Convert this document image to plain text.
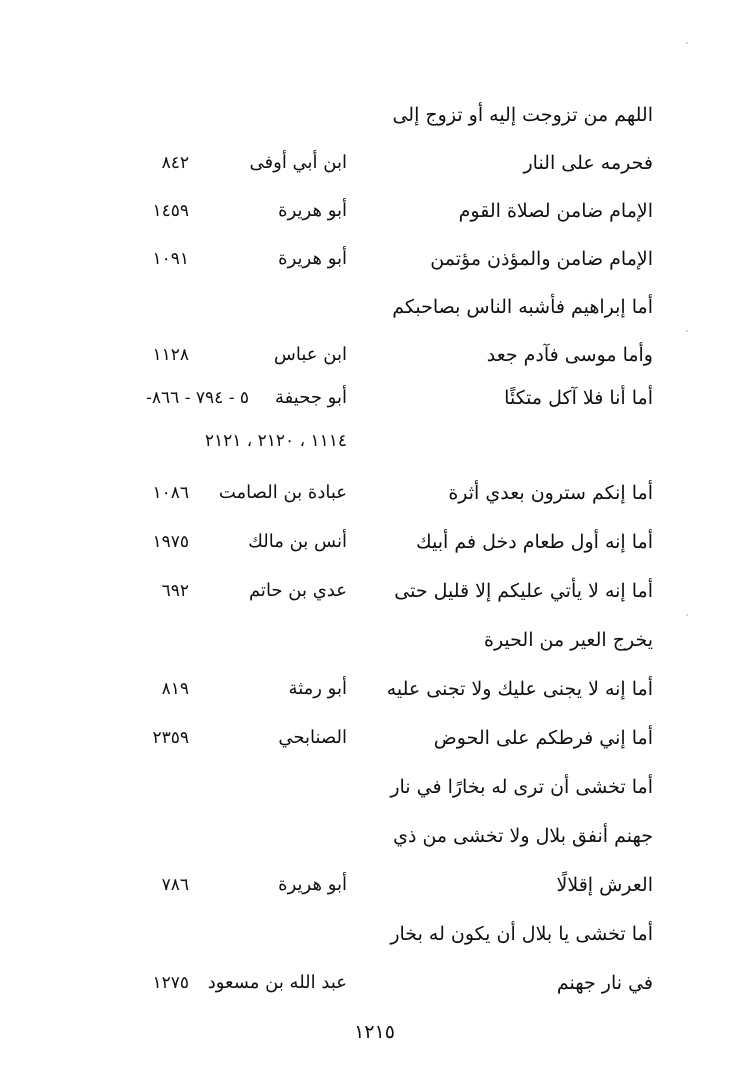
اللهم من تزوجت إليه أو تزوج إلى
فحرمه على النار
ابن أبي أوفى
٨٤٢
الإمام ضامن لصلاة القوم
أبو هريرة
١٤٥٩
الإمام ضامن والمؤذن مؤتمن
أبو هريرة
١٠٩١
أما إبراهيم فأشبه الناس بصاحبكم
وأما موسى فآدم جعد
ابن عباس
١١٢٨
أما أنا فلا آكل متكئًا
أبو جحيفة
٥ - ٧٩٤ - ٨٦٦-
١١١٤ ، ٢١٢٠ ، ٢١٢١
أما إنكم سترون بعدي أثرة
عبادة بن الصامت
١٠٨٦
أما إنه أول طعام دخل فم أبيك
أنس بن مالك
١٩٧٥
أما إنه لا يأتي عليكم إلا قليل حتى
عدي بن حاتم
٦٩٢
يخرج العير من الحيرة
أما إنه لا يجنى عليك ولا تجنى عليه
أبو رمثة
٨١٩
أما إني فرطكم على الحوض
الصنابحي
٢٣٥٩
أما تخشى أن ترى له بخارًا في نار
جهنم أنفق بلال ولا تخشى من ذي
العرش إقلالًا
أبو هريرة
٧٨٦
أما تخشى يا بلال أن يكون له بخار
في نار جهنم
عبد الله بن مسعود
١٢٧٥
١٢١٥
